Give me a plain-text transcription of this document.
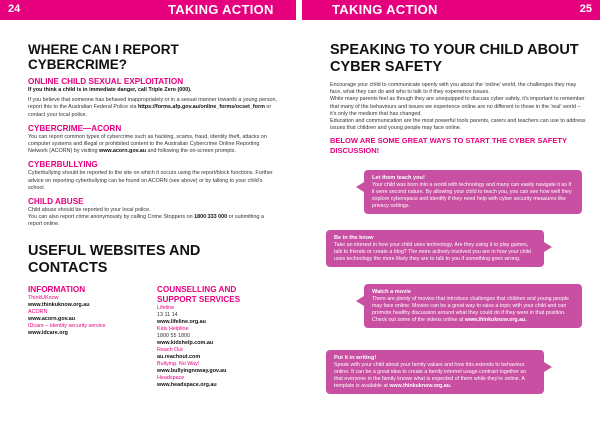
24	TAKING ACTION
WHERE CAN I REPORT CYBERCRIME?
ONLINE CHILD SEXUAL EXPLOITATION

If you think a child is in immediate danger, call Triple Zero (000).

If you believe that someone has behaved inappropriately or in a sexual manner towards a young person, report this to the Australian Federal Police via https://forms.afp.gov.au/online_forms/ocset_form or contact your local police.

CYBERCRIME—ACORN

You can report common types of cybercrime such as hacking, scams, fraud, identity theft, attacks on computer systems and illegal or prohibited content to the Australian Cybercrime Online Reporting Network (ACORN) by visiting www.acorn.gov.au and following the on-screen prompts.

CYBERBULLYING

Cyberbullying should be reported to the site on which it occurs using the report/block functions. Further advice on reporting cyberbullying can be found on ACORN (see above) or by talking to your child's school.

CHILD ABUSE

Child abuse should be reported to your local police.

You can also report crime anonymously by calling Crime Stoppers on 1800 333 000 or submitting a report online.

USEFUL WEBSITES AND CONTACTS
INFORMATION
ThinkUKnow
www.thinkuknow.org.au
ACORN
www.acorn.gov.au
IDcare – identity security service
www.idcare.org
COUNSELLING AND SUPPORT SERVICES
Lifeline
13 11 14
www.lifeline.org.au
Kids Helpline
1800 55 1800
www.kidshelp.com.au
Reach Out
au.reachout.com
Bullying. No Way!
www.bullyingnoway.gov.au
Headspace
www.headspace.org.au
TAKING ACTION	25
SPEAKING TO YOUR CHILD ABOUT
CYBER SAFETY

Encourage your child to communicate openly with you about the 'online' world, the challenges they may face, what they can do and who to talk to if they experience issues.

While many parents feel as though they are unequipped to discuss cyber safety, it's important to remember that many of the behaviours and issues we experience online are no different to those in the 'real' world – it's only the medium that has changed.

Education and communication are the most powerful tools parents, carers and teachers can use to address issues that children and young people may face online.

BELOW ARE SOME GREAT WAYS TO START THE CYBER SAFETY DISCUSSION!
Let them teach you!
Your child was born into a world with technology and many can easily navigate it as if it were second nature. By allowing your child to teach you, you can see how well they explore cyberspace and identify if they need help with cyber security measures like privacy settings.
Be in the know
Take an interest in how your child uses technology. Are they using it to play games, talk to friends or create a blog? The more actively involved you are in how your child uses technology the more likely they are to talk to you if something goes wrong.
Watch a movie
There are plenty of movies that introduce challenges that children and young people may face online. Movies can be a great way to raise a topic with your child and can promote healthy discussion around what they could do if they were in that position. Check out some of the videos online at www.thinkuknow.org.au.
Put it in writing!
Speak with your child about your family values and how this extends to behaviour online. It can be a great idea to create a family internet usage contract together so that everyone in the family knows what is expected of them while they're online. A template is available at www.thinkuknow.org.au.
